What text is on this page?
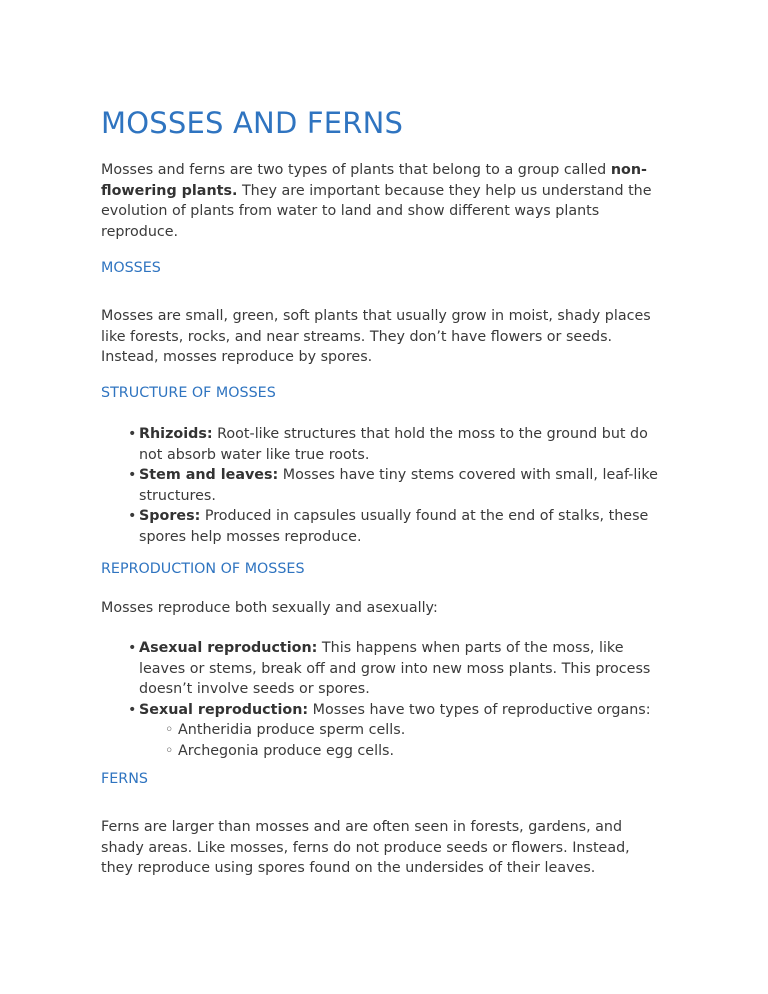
MOSSES AND FERNS

Mosses and ferns are two types of plants that belong to a group called non-flowering plants. They are important because they help us understand the evolution of plants from water to land and show different ways plants reproduce.

MOSSES

Mosses are small, green, soft plants that usually grow in moist, shady places like forests, rocks, and near streams. They don’t have flowers or seeds. Instead, mosses reproduce by spores.

STRUCTURE OF MOSSES
• Rhizoids: Root-like structures that hold the moss to the ground but do not absorb water like true roots.
• Stem and leaves: Mosses have tiny stems covered with small, leaf-like structures.
• Spores: Produced in capsules usually found at the end of stalks, these spores help mosses reproduce.
REPRODUCTION OF MOSSES

Mosses reproduce both sexually and asexually:

• Asexual reproduction: This happens when parts of the moss, like leaves or stems, break off and grow into new moss plants. This process doesn’t involve seeds or spores.
• Sexual reproduction: Mosses have two types of reproductive organs:
◦ Antheridia produce sperm cells.
◦ Archegonia produce egg cells.
FERNS

Ferns are larger than mosses and are often seen in forests, gardens, and shady areas. Like mosses, ferns do not produce seeds or flowers. Instead, they reproduce using spores found on the undersides of their leaves.
